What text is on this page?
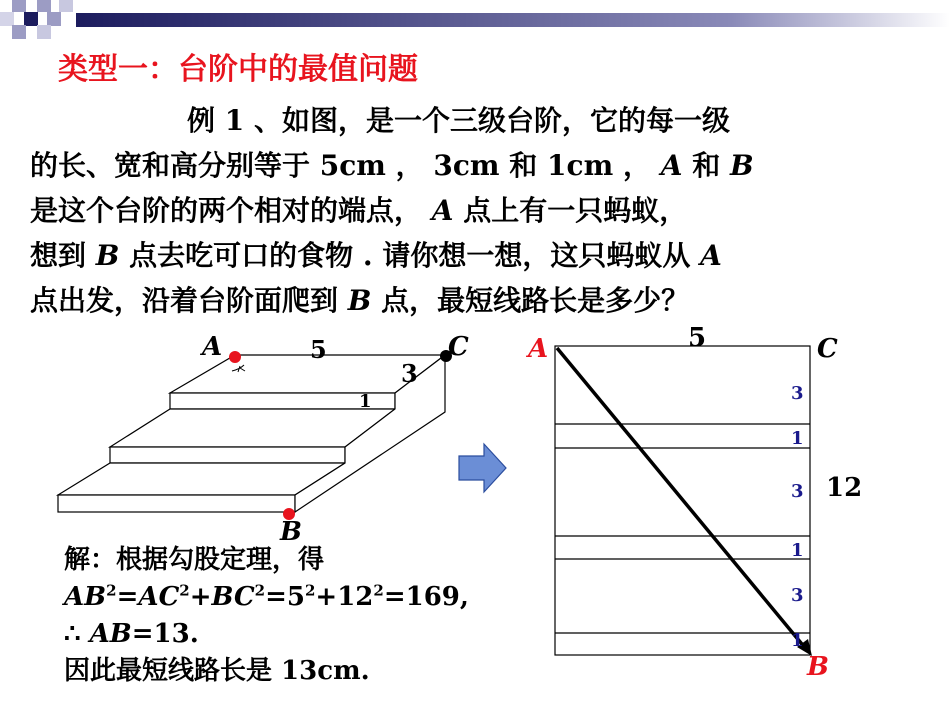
类型一：台阶中的最值问题

例 1 、如图，是一个三级台阶，它的每一级
的长、宽和高分别等于 5cm ， 3cm 和 1cm ， A 和 B
是这个台阶的两个相对的端点， A 点上有一只蚂蚁，
想到 B 点去吃可口的食物 . 请你想一想，这只蚂蚁从 A
点出发，沿着台阶面爬到 B 点，最短线路长是多少？

A	C
B
5
3
1
A	C
B
5
12
3
1
3
1
3
1

解：根据勾股定理，得
$AB^2=AC^2+BC^2=5^2+12^2=169$,
∴ AB=13.
因此最短线路长是 13cm.
